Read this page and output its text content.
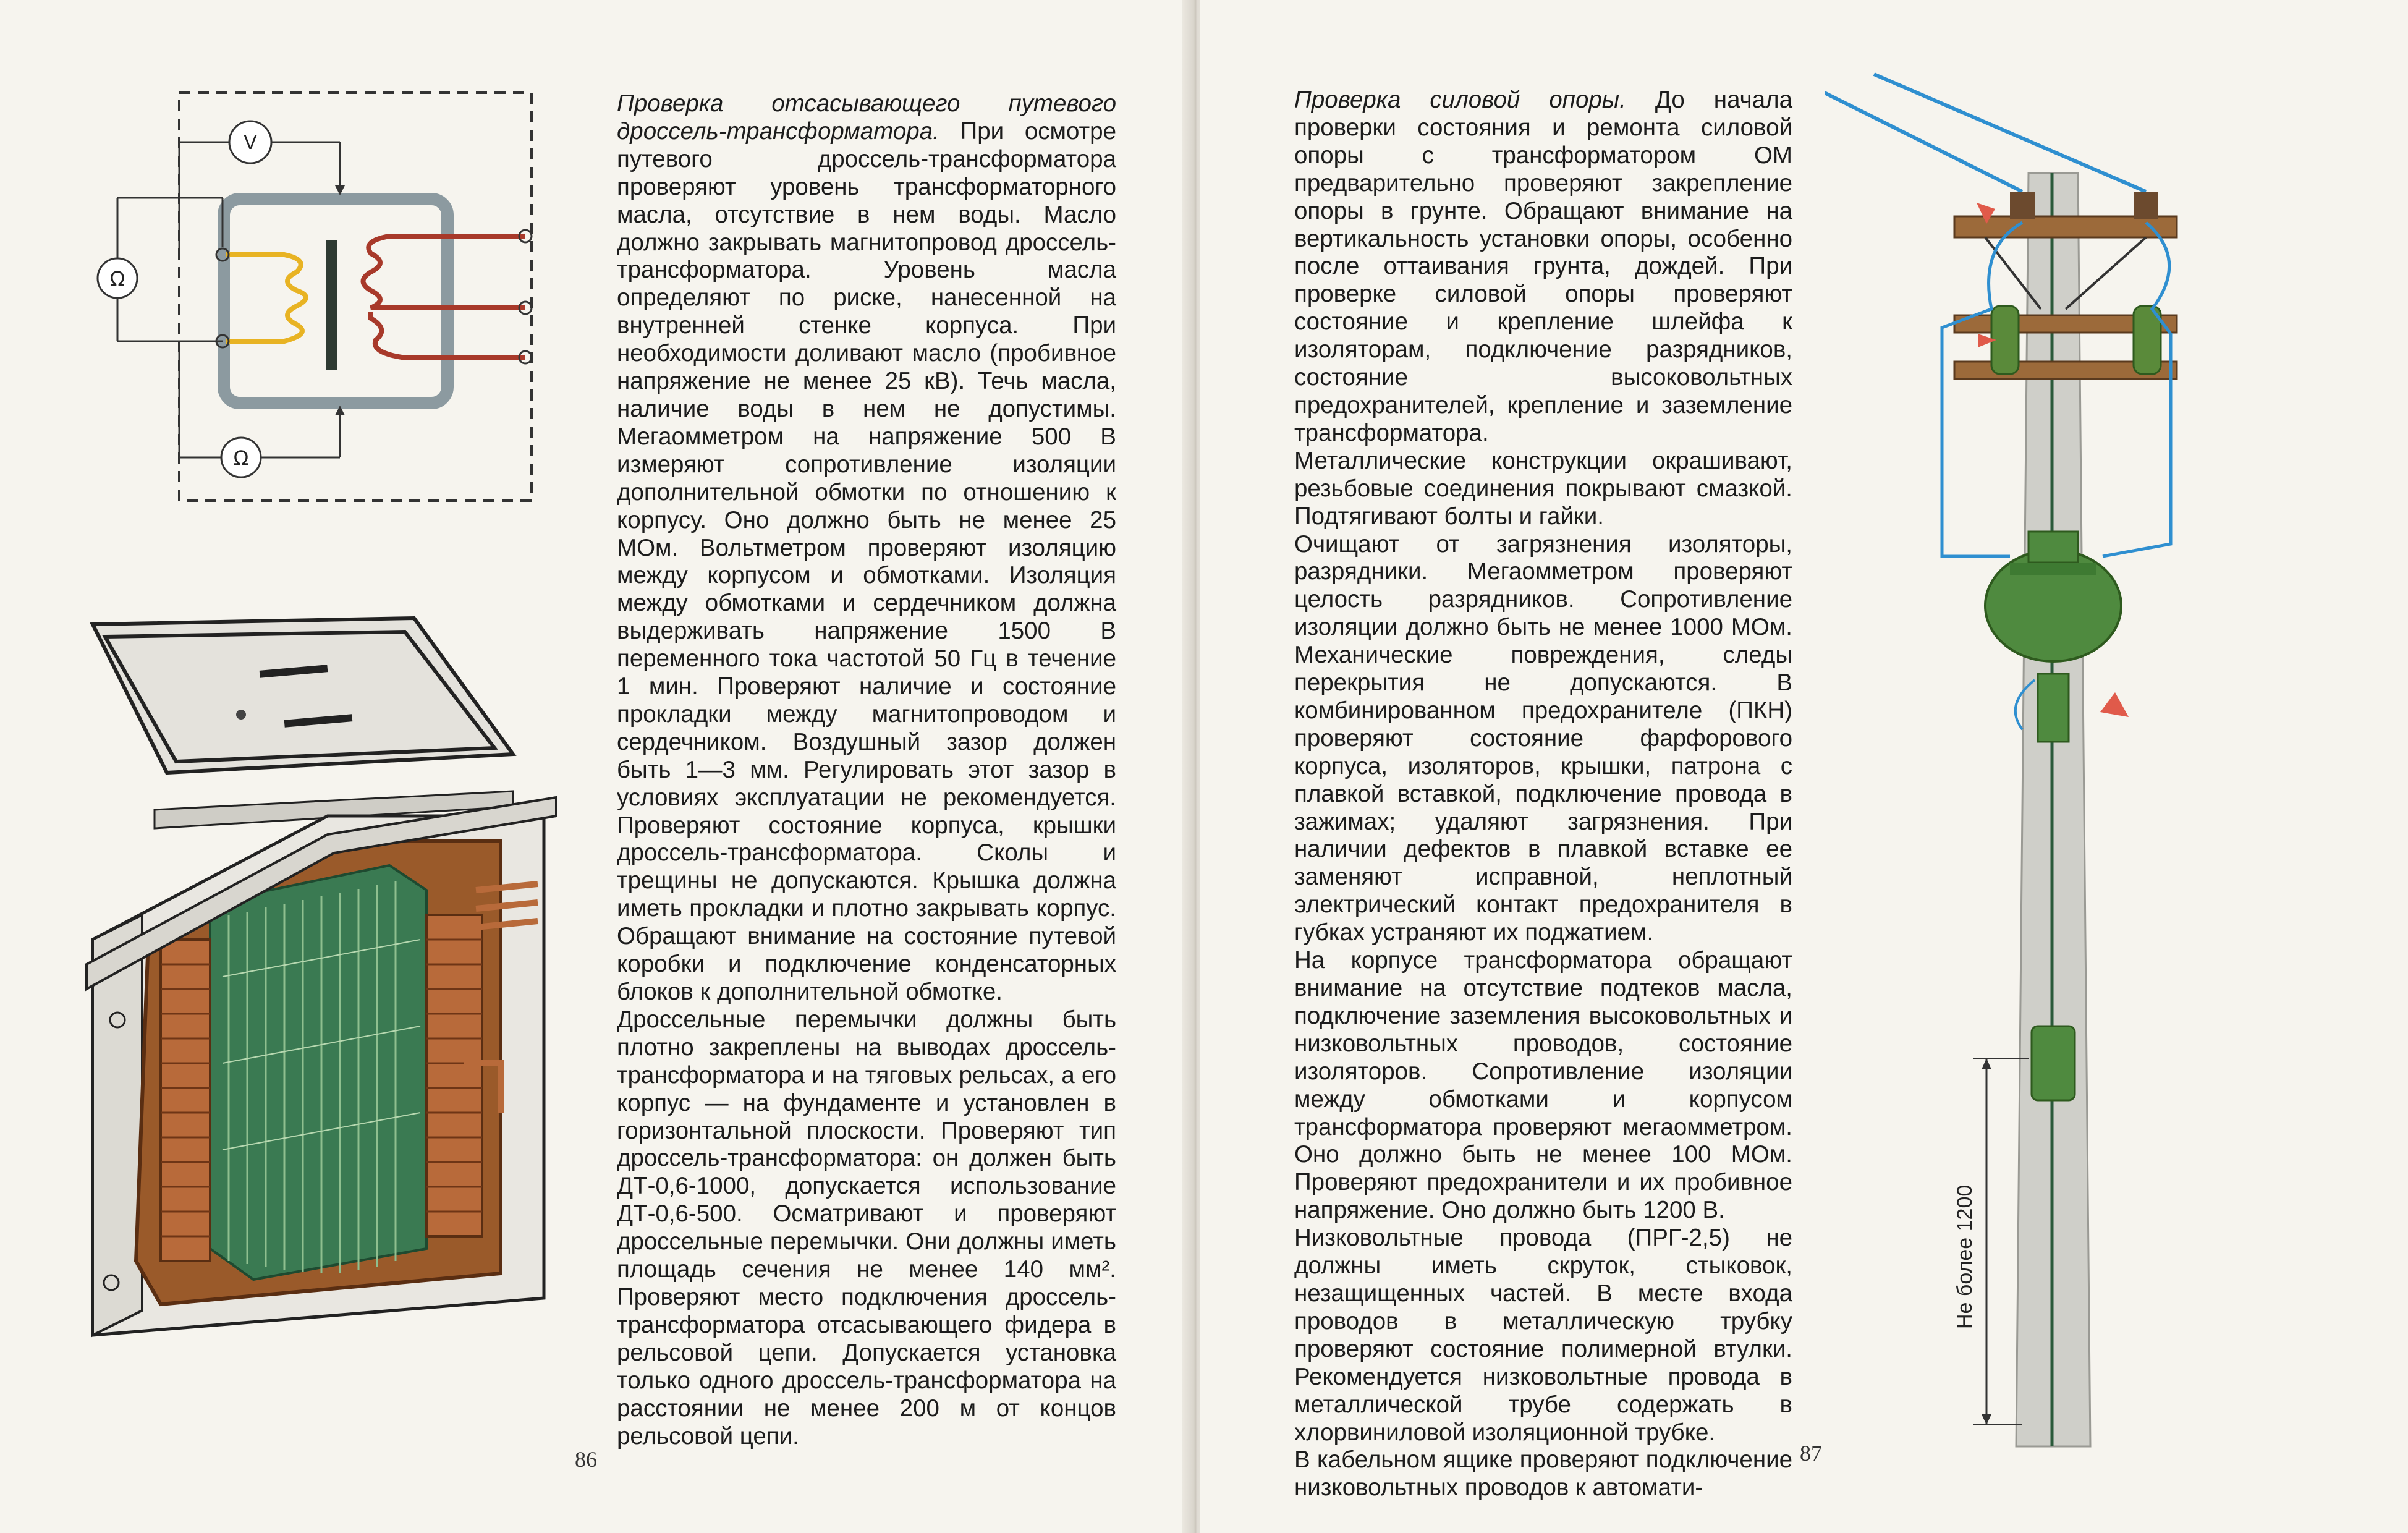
V
Ω
Ω

Проверка отсасывающего путевого дроссель-трансформатора. При осмотре путевого дроссель-трансформатора проверяют уровень трансформаторного масла, отсутствие в нем воды. Масло должно закрывать магнитопровод дроссель-трансформатора. Уровень масла определяют по риске, нанесенной на внутренней стенке корпуса. При необходимости доливают масло (пробивное напряжение не менее 25 кВ). Течь масла, наличие воды в нем не допустимы. Мегаомметром на напряжение 500 В измеряют сопротивление изоляции дополнительной обмотки по отношению к корпусу. Оно должно быть не менее 25 МОм. Вольтметром проверяют изоляцию между корпусом и обмотками. Изоляция между обмотками и сердечником должна выдерживать напряжение 1500 В переменного тока частотой 50 Гц в течение 1 мин. Проверяют наличие и состояние прокладки между магнитопроводом и сердечником. Воздушный зазор должен быть 1—3 мм. Регулировать этот зазор в условиях эксплуатации не рекомендуется. Проверяют состояние корпуса, крышки дроссель-трансформатора. Сколы и трещины не допускаются. Крышка должна иметь прокладки и плотно закрывать корпус. Обращают внимание на состояние путевой коробки и подключение конденсаторных блоков к дополнительной обмотке.

Дроссельные перемычки должны быть плотно закреплены на выводах дроссель-трансформатора и на тяговых рельсах, а его корпус — на фундаменте и установлен в горизонтальной плоскости. Проверяют тип дроссель-трансформатора: он должен быть ДТ-0,6-1000, допускается использование ДТ-0,6-500. Осматривают и проверяют дроссельные перемычки. Они должны иметь площадь сечения не менее 140 мм². Проверяют место подключения дроссель-трансформатора отсасывающего фидера в рельсовой цепи. Допускается установка только одного дроссель-трансформатора на расстоянии не менее 200 м от концов рельсовой цепи.

86

Проверка силовой опоры. До начала проверки состояния и ремонта силовой опоры с трансформатором ОМ предварительно проверяют закрепление опоры в грунте. Обращают внимание на вертикальность установки опоры, особенно после оттаивания грунта, дождей. При проверке силовой опоры проверяют состояние и крепление шлейфа к изоляторам, подключение разрядников, состояние высоковольтных предохранителей, крепление и заземление трансформатора.

Металлические конструкции окрашивают, резьбовые соединения покрывают смазкой. Подтягивают болты и гайки.

Очищают от загрязнения изоляторы, разрядники. Мегаомметром проверяют целость разрядников. Сопротивление изоляции должно быть не менее 1000 МОм. Механические повреждения, следы перекрытия не допускаются. В комбинированном предохранителе (ПКН) проверяют состояние фарфорового корпуса, изоляторов, крышки, патрона с плавкой вставкой, подключение провода в зажимах; удаляют загрязнения. При наличии дефектов в плавкой вставке ее заменяют исправной, неплотный электрический контакт предохранителя в губках устраняют их поджатием.

На корпусе трансформатора обращают внимание на отсутствие подтеков масла, подключение заземления высоковольтных и низковольтных проводов, состояние изоляторов. Сопротивление изоляции между обмотками и корпусом трансформатора проверяют мегаомметром. Оно должно быть не менее 100 МОм. Проверяют предохранители и их пробивное напряжение. Оно должно быть 1200 В.

Низковольтные провода (ПРГ-2,5) не должны иметь скруток, стыковок, незащищенных частей. В месте входа проводов в металлическую трубку проверяют состояние полимерной втулки. Рекомендуется низковольтные провода в металлической трубе содержать в хлорвиниловой изоляционной трубке.

В кабельном ящике проверяют подключение низковольтных проводов к автомати-

Не более 1200
87
